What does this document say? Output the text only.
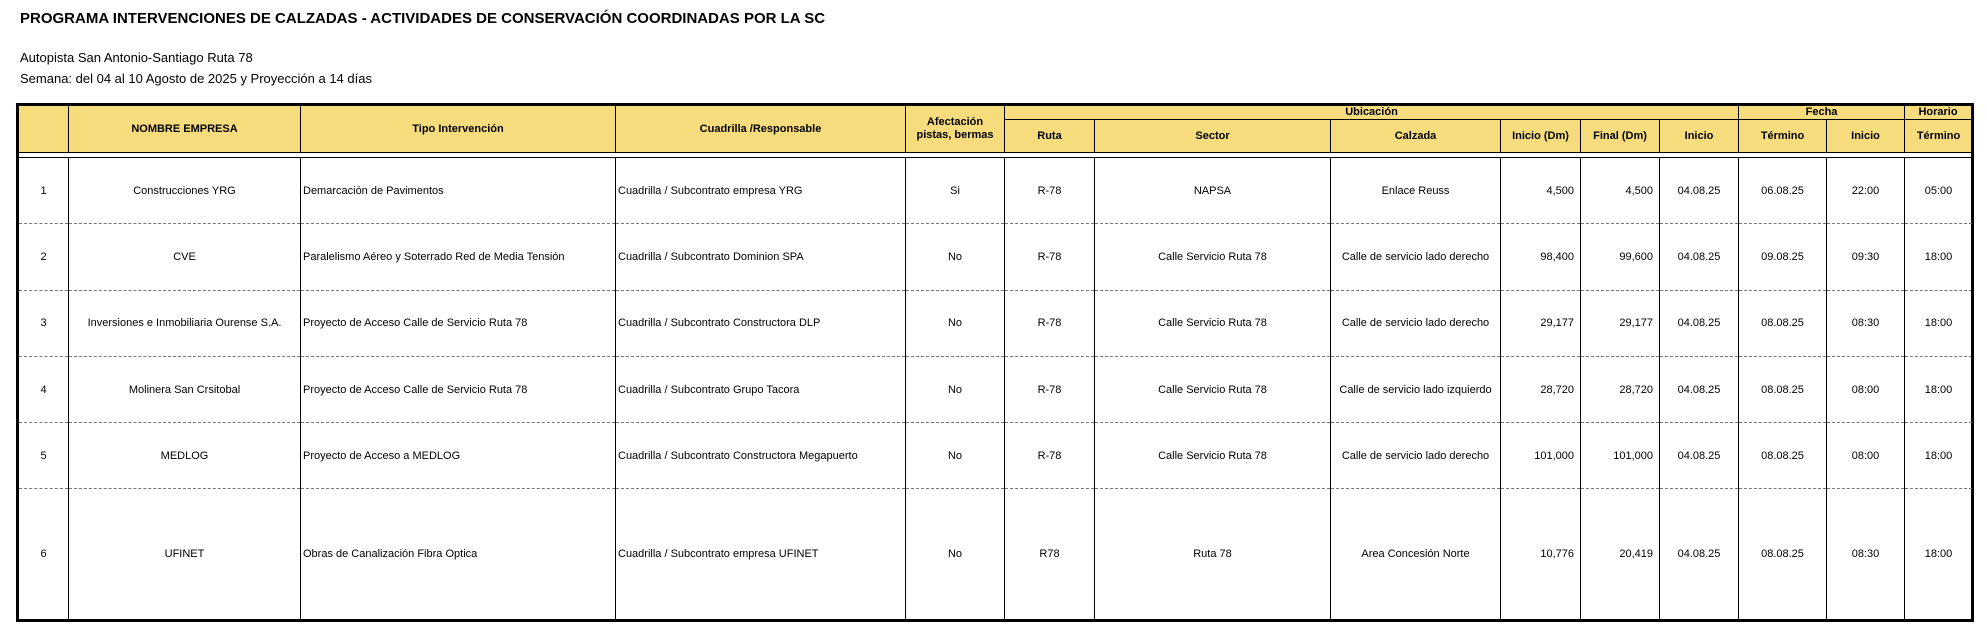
PROGRAMA INTERVENCIONES DE CALZADAS - ACTIVIDADES DE CONSERVACIÓN COORDINADAS POR LA SC
Autopista San Antonio-Santiago Ruta 78
Semana: del 04 al 10 Agosto de 2025 y Proyección a 14 días
	NOMBRE EMPRESA	Tipo Intervención	Cuadrilla /Responsable	Afectación
pistas, bermas	Ubicación						Fecha		Horario
					Ruta	Sector	Calzada	Inicio (Dm)	Final (Dm)	Inicio	Término	Inicio	Término

1	Construcciones YRG	Demarcación de Pavimentos	Cuadrilla / Subcontrato empresa YRG	Si	R-78	NAPSA	Enlace Reuss	4,500	4,500	04.08.25	06.08.25	22:00	05:00
2	CVE	Paralelismo Aéreo y Soterrado Red de Media Tensión	Cuadrilla / Subcontrato Dominion SPA	No	R-78	Calle Servicio Ruta 78	Calle de servicio lado derecho	98,400	99,600	04.08.25	09.08.25	09:30	18:00
3	Inversiones e Inmobiliaria Ourense S.A.	Proyecto de Acceso Calle de Servicio Ruta 78	Cuadrilla / Subcontrato Constructora DLP	No	R-78	Calle Servicio Ruta 78	Calle de servicio lado derecho	29,177	29,177	04.08.25	08.08.25	08:30	18:00
4	Molinera San Crsitobal	Proyecto de Acceso Calle de Servicio Ruta 78	Cuadrilla / Subcontrato Grupo Tacora	No	R-78	Calle Servicio Ruta 78	Calle de servicio lado izquierdo	28,720	28,720	04.08.25	08.08.25	08:00	18:00
5	MEDLOG	Proyecto de Acceso a MEDLOG	Cuadrilla / Subcontrato Constructora Megapuerto	No	R-78	Calle Servicio Ruta 78	Calle de servicio lado derecho	101,000	101,000	04.08.25	08.08.25	08:00	18:00
6	UFINET	Obras de Canalización Fibra Optica	Cuadrilla / Subcontrato empresa UFINET	No	R78	Ruta 78	Area Concesión Norte	10,776	20,419	04.08.25	08.08.25	08:30	18:00
